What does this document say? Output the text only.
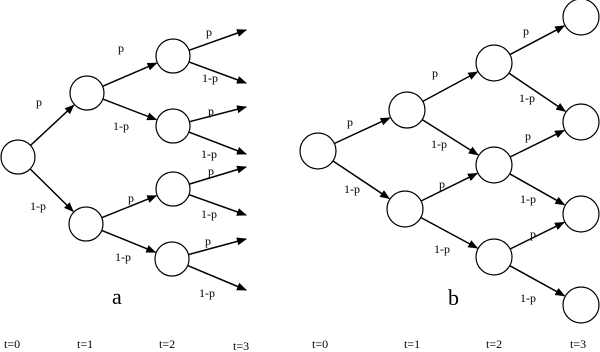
p
1-p
p
1-p
p
1-p
p
1-p
p
1-p
p
1-p
p
1-p
p
1-p
p
1-p
p
1-p
p
1-p
p
1-p
p
1-p
a	b
t=0	t=1	t=2	t=3	t=0	t=1	t=2	t=3
